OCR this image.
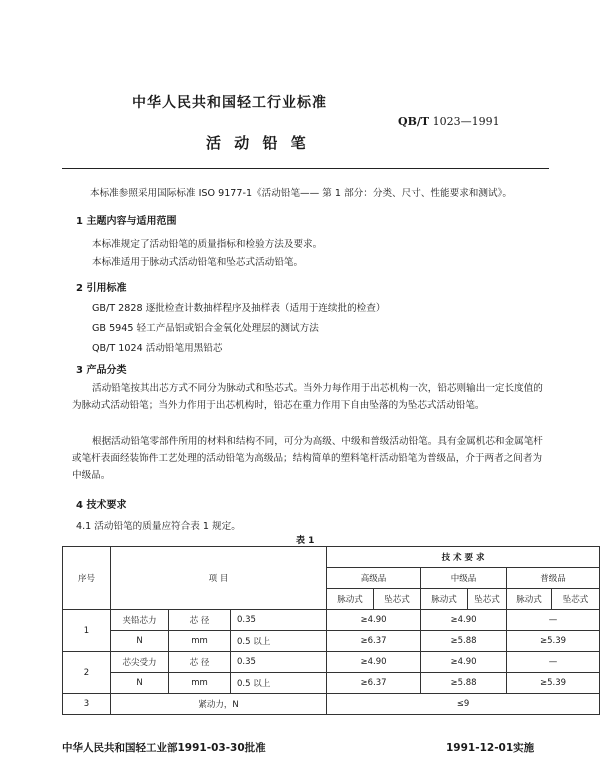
中华人民共和国轻工行业标准
QB/T 1023—1991
活 动 铅 笔
本标准参照采用国际标准 ISO 9177-1《活动铅笔—— 第 1 部分：分类、尺寸、性能要求和测试》。
1 主题内容与适用范围
本标准规定了活动铅笔的质量指标和检验方法及要求。
本标准适用于脉动式活动铅笔和坠芯式活动铅笔。
2 引用标准
GB/T 2828 逐批检查计数抽样程序及抽样表（适用于连续批的检查）
GB 5945 轻工产品铝或铝合金氧化处理层的测试方法
QB/T 1024 活动铅笔用黑铅芯
3 产品分类
活动铅笔按其出芯方式不同分为脉动式和坠芯式。当外力每作用于出芯机构一次，铅芯则输出一定长度值的为脉动式活动铅笔；当外力作用于出芯机构时，铅芯在重力作用下自由坠落的为坠芯式活动铅笔。
根据活动铅笔零部件所用的材料和结构不同，可分为高级、中级和普级活动铅笔。具有金属机芯和金属笔杆或笔杆表面经装饰件工艺处理的活动铅笔为高级品；结构简单的塑料笔杆活动铅笔为普级品，介于两者之间者为中级品。
4 技术要求
4.1 活动铅笔的质量应符合表 1 规定。
表 1
序号	项 目			技 术 要 求					
				高级品		中级品		普级品	
				脉动式	坠芯式	脉动式	坠芯式	脉动式	坠芯式
1	夹铅芯力	芯 径	0.35	≥4.90		≥4.90		—	
	N	mm	0.5 以上	≥6.37		≥5.88		≥5.39	
2	芯尖受力	芯 径	0.35	≥4.90		≥4.90		—	
	N	mm	0.5 以上	≥6.37		≥5.88		≥5.39	
3	紧动力，N			≤9					
中华人民共和国轻工业部1991-03-30批准	1991-12-01实施
